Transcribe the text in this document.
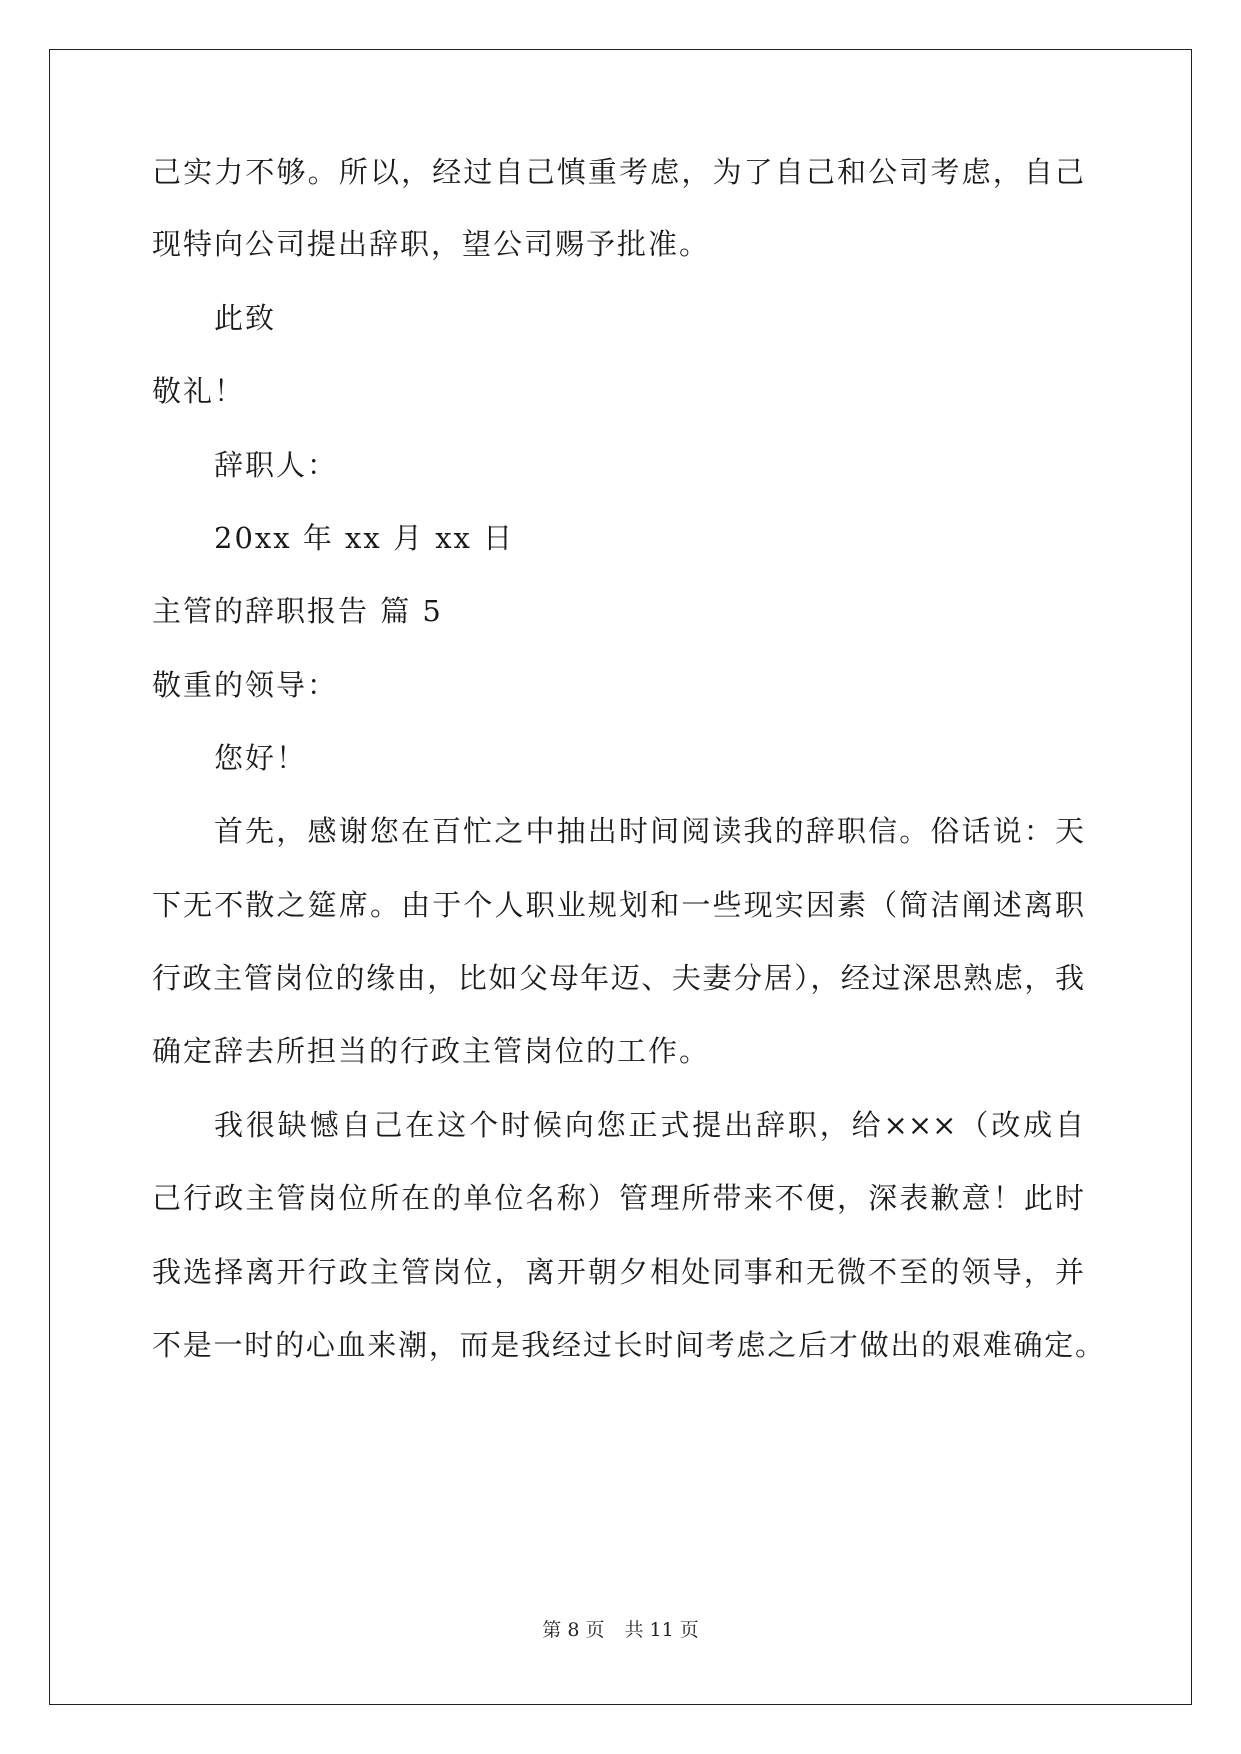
己实力不够。所以，经过自己慎重考虑，为了自己和公司考虑，自己
现特向公司提出辞职，望公司赐予批准。
此致
敬礼！
辞职人：
20xx 年 xx 月 xx 日
主管的辞职报告 篇 5
敬重的领导：
您好！
首先，感谢您在百忙之中抽出时间阅读我的辞职信。俗话说：天
下无不散之筵席。由于个人职业规划和一些现实因素（简洁阐述离职
行政主管岗位的缘由，比如父母年迈、夫妻分居），经过深思熟虑，我
确定辞去所担当的行政主管岗位的工作。
我很缺憾自己在这个时候向您正式提出辞职，给×××（改成自
己行政主管岗位所在的单位名称）管理所带来不便，深表歉意！此时
我选择离开行政主管岗位，离开朝夕相处同事和无微不至的领导，并
不是一时的心血来潮，而是我经过长时间考虑之后才做出的艰难确定。
第 8 页 共 11 页
